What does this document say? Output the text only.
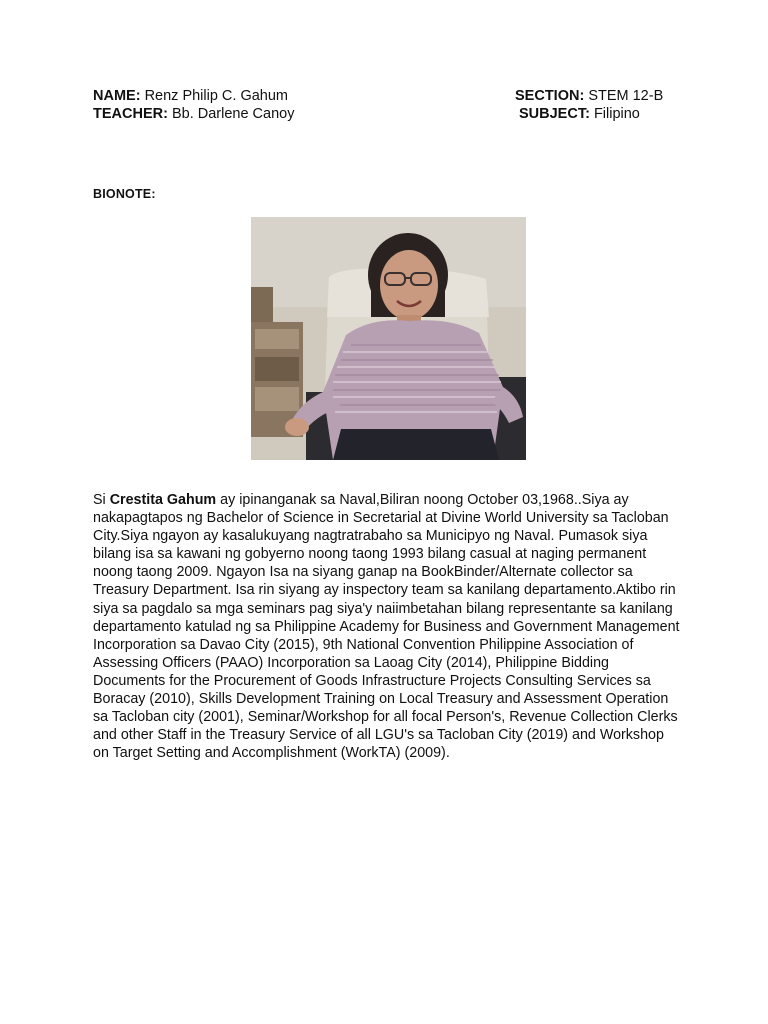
NAME: Renz Philip C. Gahum
TEACHER: Bb. Darlene Canoy
SECTION: STEM 12-B
SUBJECT: Filipino
BIONOTE:

Si Crestita Gahum ay ipinanganak sa Naval,Biliran noong October 03,1968..Siya ay nakapagtapos ng Bachelor of Science in Secretarial at Divine World University sa Tacloban City.Siya ngayon ay kasalukuyang nagtratrabaho sa Municipyo ng Naval. Pumasok siya bilang isa sa kawani ng gobyerno noong taong 1993 bilang casual at naging permanent noong taong 2009. Ngayon Isa na siyang ganap na BookBinder/Alternate collector sa Treasury Department. Isa rin siyang ay inspectory team sa kanilang departamento.Aktibo rin siya sa pagdalo sa mga seminars pag siya'y naiimbetahan bilang representante sa kanilang departamento katulad ng sa Philippine Academy for Business and Government Management Incorporation sa Davao City (2015), 9th National Convention Philippine Association of Assessing Officers (PAAO) Incorporation sa Laoag City (2014), Philippine Bidding Documents for the Procurement of Goods Infrastructure Projects Consulting Services sa Boracay (2010), Skills Development Training on Local Treasury and Assessment Operation sa Tacloban city (2001), Seminar/Workshop for all focal Person's, Revenue Collection Clerks and other Staff in the Treasury Service of all LGU's sa Tacloban City (2019) and Workshop on Target Setting and Accomplishment (WorkTA) (2009).
